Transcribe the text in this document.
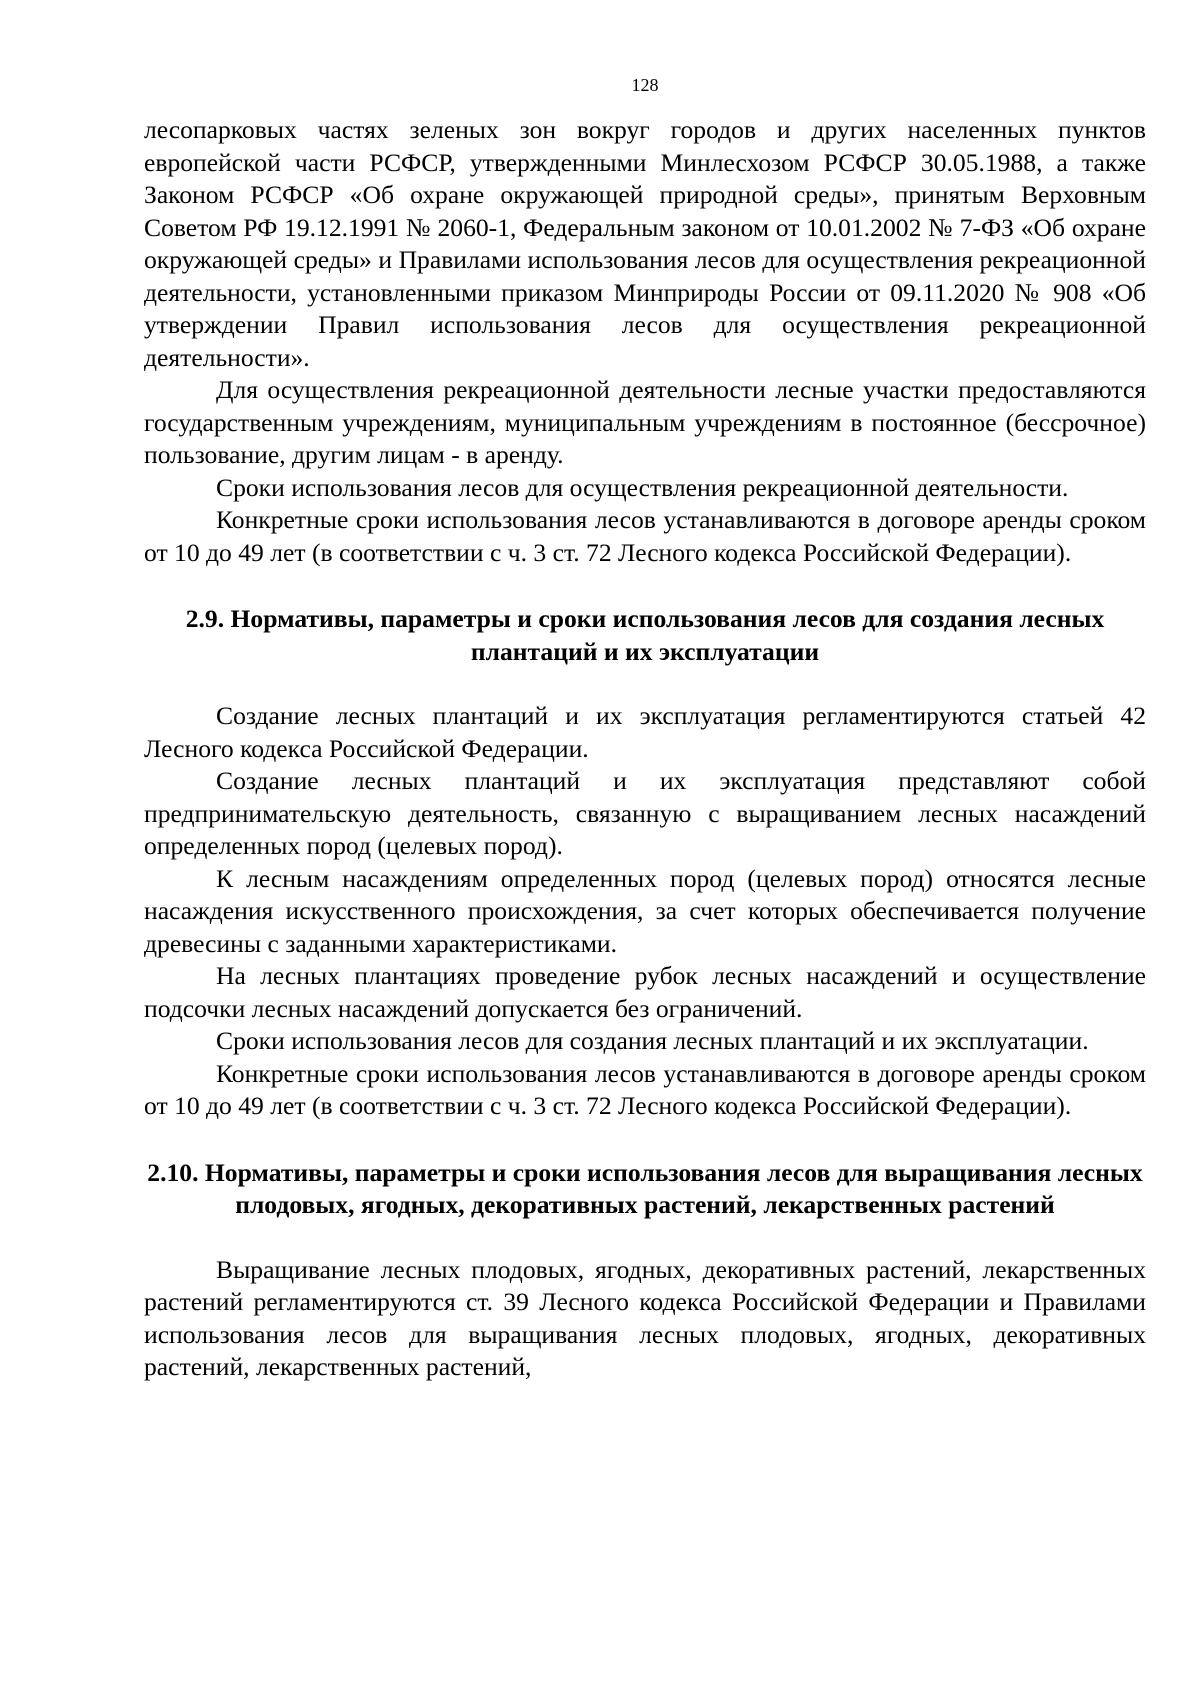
128

лесопарковых частях зеленых зон вокруг городов и других населенных пунктов европейской части РСФСР, утвержденными Минлесхозом РСФСР 30.05.1988, а также Законом РСФСР «Об охране окружающей природной среды», принятым Верховным Советом РФ 19.12.1991 № 2060-1, Федеральным законом от 10.01.2002 № 7-ФЗ «Об охране окружающей среды» и Правилами использования лесов для осуществления рекреационной деятельности, установленными приказом Минприроды России от 09.11.2020 № 908 «Об утверждении Правил использования лесов для осуществления рекреационной деятельности».

Для осуществления рекреационной деятельности лесные участки предоставляются государственным учреждениям, муниципальным учреждениям в постоянное (бессрочное) пользование, другим лицам - в аренду.

Сроки использования лесов для осуществления рекреационной деятельности.

Конкретные сроки использования лесов устанавливаются в договоре аренды сроком от 10 до 49 лет (в соответствии с ч. 3 ст. 72 Лесного кодекса Российской Федерации).

2.9. Нормативы, параметры и сроки использования лесов для создания лесных плантаций и их эксплуатации

Создание лесных плантаций и их эксплуатация регламентируются статьей 42 Лесного кодекса Российской Федерации.

Создание лесных плантаций и их эксплуатация представляют собой предпринимательскую деятельность, связанную с выращиванием лесных насаждений определенных пород (целевых пород).

К лесным насаждениям определенных пород (целевых пород) относятся лесные насаждения искусственного происхождения, за счет которых обеспечивается получение древесины с заданными характеристиками.

На лесных плантациях проведение рубок лесных насаждений и осуществление подсочки лесных насаждений допускается без ограничений.

Сроки использования лесов для создания лесных плантаций и их эксплуатации.

Конкретные сроки использования лесов устанавливаются в договоре аренды сроком от 10 до 49 лет (в соответствии с ч. 3 ст. 72 Лесного кодекса Российской Федерации).

2.10. Нормативы, параметры и сроки использования лесов для выращивания лесных плодовых, ягодных, декоративных растений, лекарственных растений

Выращивание лесных плодовых, ягодных, декоративных растений, лекарственных растений регламентируются ст. 39 Лесного кодекса Российской Федерации и Правилами использования лесов для выращивания лесных плодовых, ягодных, декоративных растений, лекарственных растений,
